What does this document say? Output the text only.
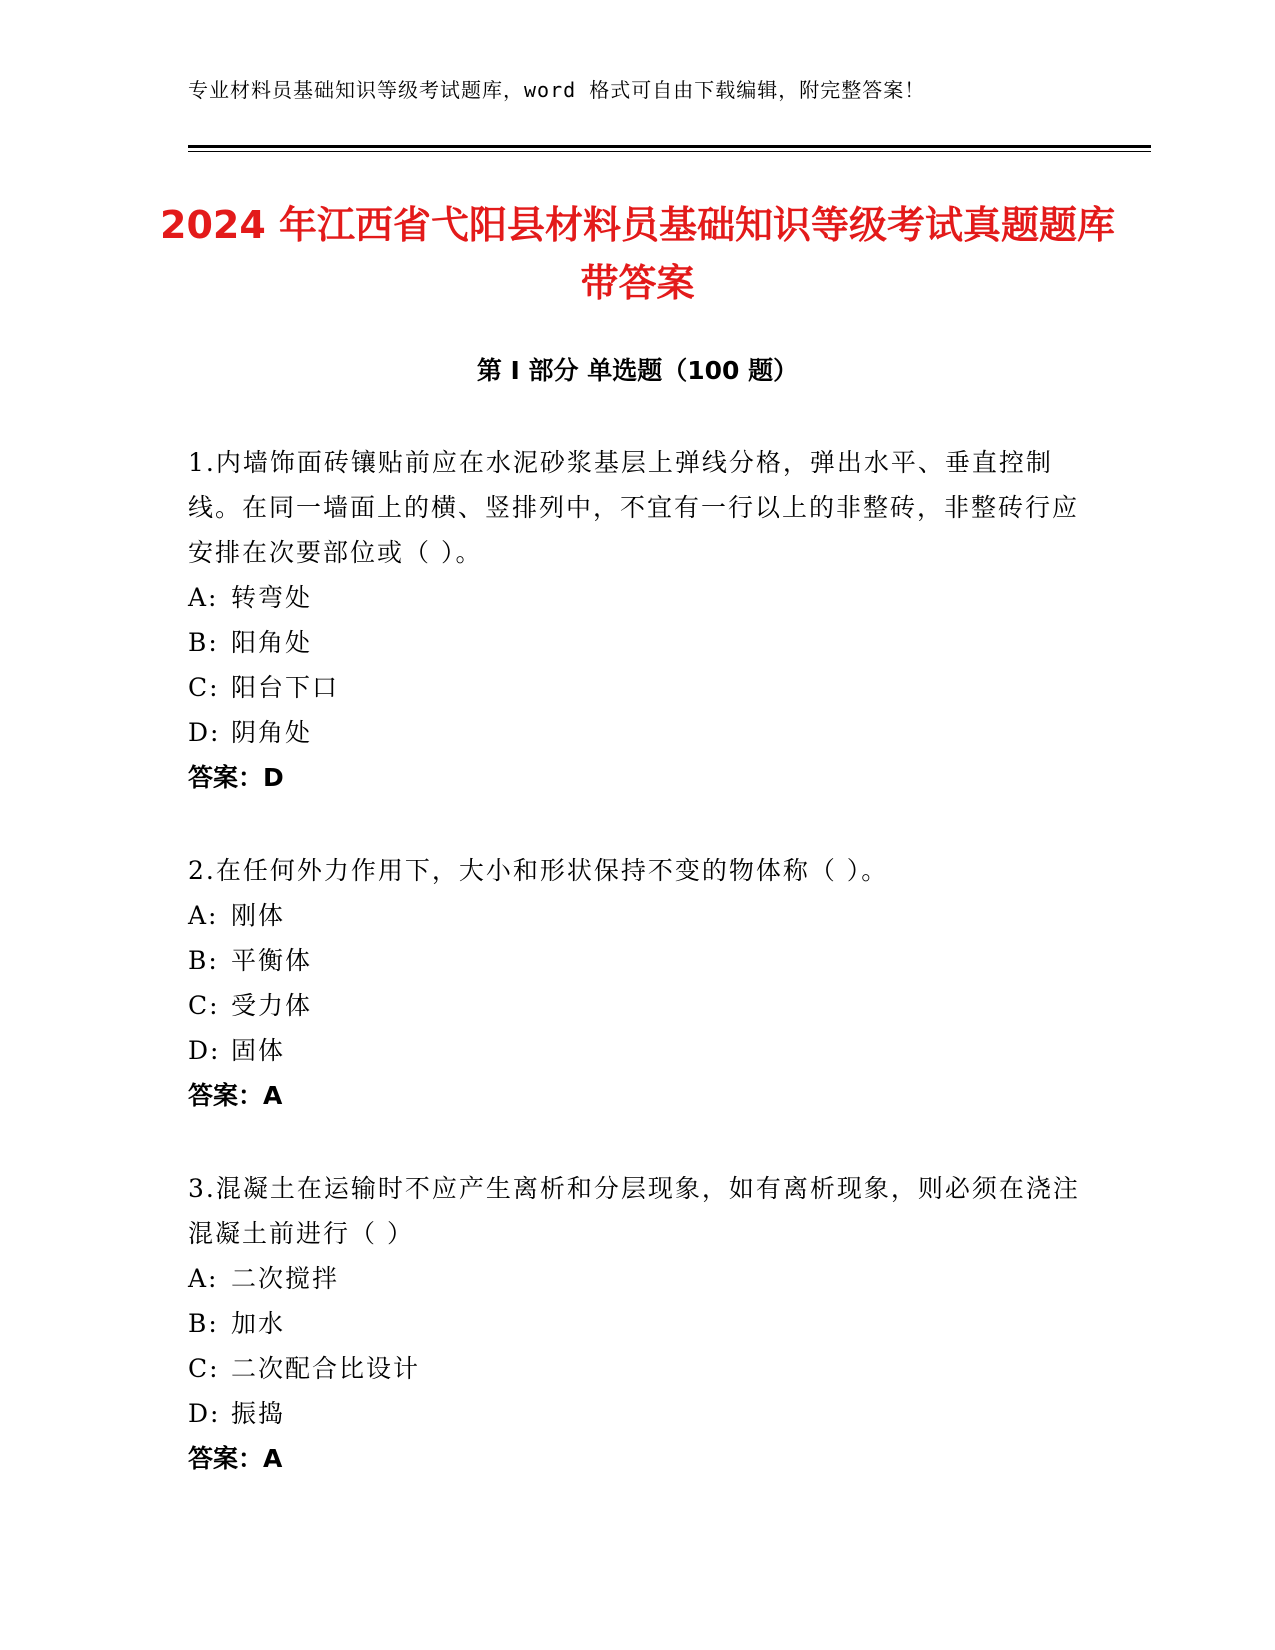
专业材料员基础知识等级考试题库，word 格式可自由下载编辑，附完整答案！
2024 年江西省弋阳县材料员基础知识等级考试真题题库带答案
第 I 部分 单选题（100 题）

1.内墙饰面砖镶贴前应在水泥砂浆基层上弹线分格，弹出水平、垂直控制线。在同一墙面上的横、竖排列中，不宜有一行以上的非整砖，非整砖行应安排在次要部位或（ ）。

A: 转弯处

B: 阳角处

C: 阳台下口

D: 阴角处

答案：D

2.在任何外力作用下，大小和形状保持不变的物体称（ ）。

A: 刚体

B: 平衡体

C: 受力体

D: 固体

答案：A

3.混凝土在运输时不应产生离析和分层现象，如有离析现象，则必须在浇注混凝土前进行（ ）

A: 二次搅拌

B: 加水

C: 二次配合比设计

D: 振捣

答案：A
